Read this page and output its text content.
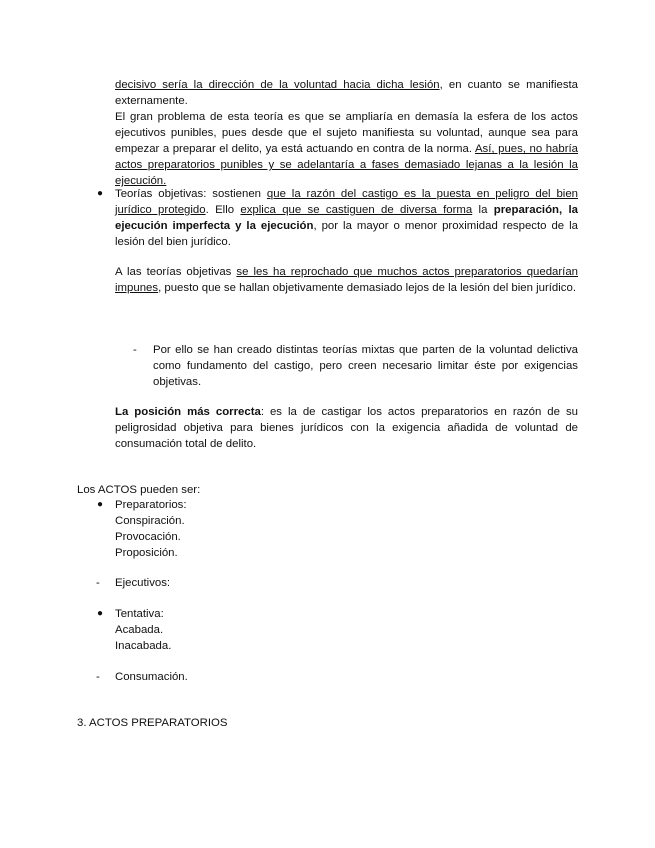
decisivo sería la dirección de la voluntad hacia dicha lesión, en cuanto se manifiesta externamente.

El gran problema de esta teoría es que se ampliaría en demasía la esfera de los actos ejecutivos punibles, pues desde que el sujeto manifiesta su voluntad, aunque sea para empezar a preparar el delito, ya está actuando en contra de la norma. Así, pues, no habría actos preparatorios punibles y se adelantaría a fases demasiado lejanas a la lesión la ejecución.

● Teorías objetivas: sostienen que la razón del castigo es la puesta en peligro del bien jurídico protegido. Ello explica que se castiguen de diversa forma la preparación, la ejecución imperfecta y la ejecución, por la mayor o menor proximidad respecto de la lesión del bien jurídico.
A las teorías objetivas se les ha reprochado que muchos actos preparatorios quedarían impunes, puesto que se hallan objetivamente demasiado lejos de la lesión del bien jurídico.
- Por ello se han creado distintas teorías mixtas que parten de la voluntad delictiva como fundamento del castigo, pero creen necesario limitar éste por exigencias objetivas.
La posición más correcta: es la de castigar los actos preparatorios en razón de su peligrosidad objetiva para bienes jurídicos con la exigencia añadida de voluntad de consumación total de delito.
Los ACTOS pueden ser:
● Preparatorios:
Conspiración.
Provocación.
Proposición.
- Ejecutivos:
● Tentativa:
Acabada.
Inacabada.
- Consumación.
3. ACTOS PREPARATORIOS
